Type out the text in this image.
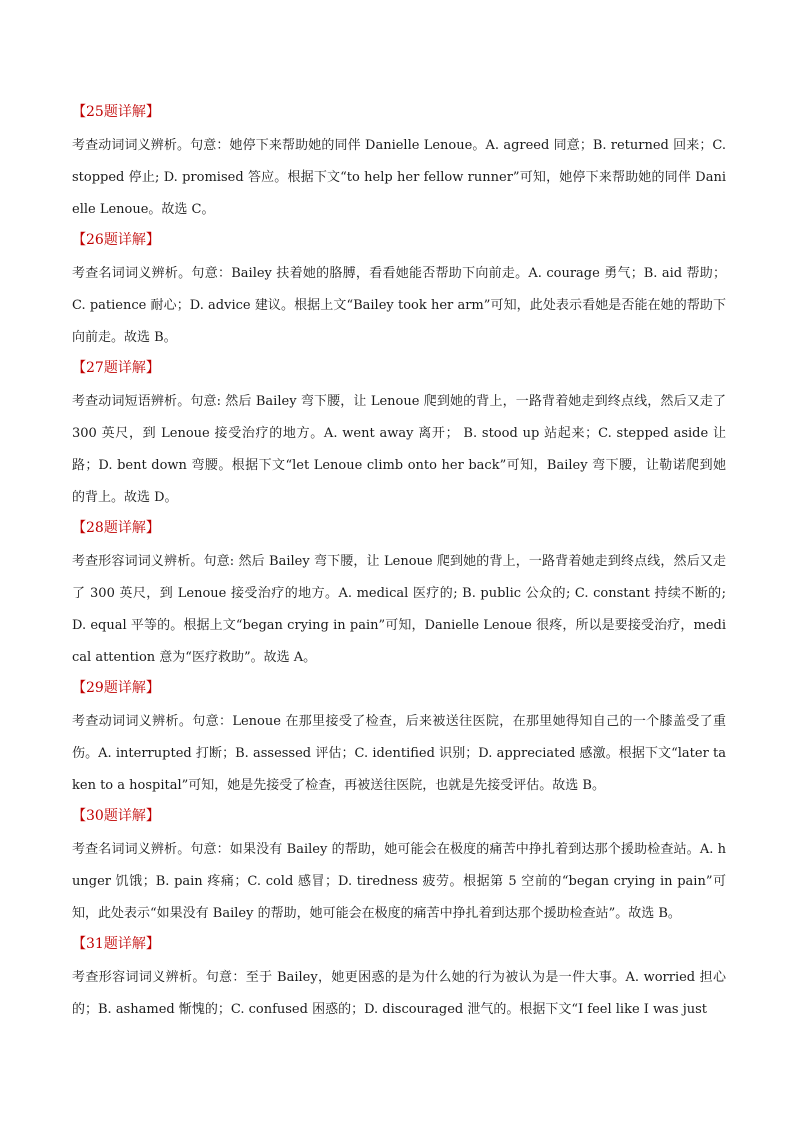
【25题详解】

考查动词词义辨析。句意：她停下来帮助她的同伴 Danielle Lenoue。A. agreed 同意；B. returned 回来；C. stopped 停止; D. promised 答应。根据下文“to help her fellow runner”可知，她停下来帮助她的同伴 Danielle Lenoue。故选 C。

【26题详解】

考查名词词义辨析。句意：Bailey 扶着她的胳膊，看看她能否帮助下向前走。A. courage 勇气；B. aid 帮助；C. patience 耐心；D. advice 建议。根据上文“Bailey took her arm”可知，此处表示看她是否能在她的帮助下向前走。故选 B。

【27题详解】

考查动词短语辨析。句意: 然后 Bailey 弯下腰，让 Lenoue 爬到她的背上，一路背着她走到终点线，然后又走了 300 英尺，到 Lenoue 接受治疗的地方。A. went away 离开； B. stood up 站起来；C. stepped aside 让路；D. bent down 弯腰。根据下文“let Lenoue climb onto her back”可知，Bailey 弯下腰，让勒诺爬到她的背上。故选 D。

【28题详解】

考查形容词词义辨析。句意: 然后 Bailey 弯下腰，让 Lenoue 爬到她的背上，一路背着她走到终点线，然后又走了 300 英尺，到 Lenoue 接受治疗的地方。A. medical 医疗的; B. public 公众的; C. constant 持续不断的; D. equal 平等的。根据上文“began crying in pain”可知，Danielle Lenoue 很疼，所以是要接受治疗，medical attention 意为“医疗救助”。故选 A。

【29题详解】

考查动词词义辨析。句意：Lenoue 在那里接受了检查，后来被送往医院，在那里她得知自己的一个膝盖受了重伤。A. interrupted 打断；B. assessed 评估；C. identified 识别；D. appreciated 感激。根据下文“later taken to a hospital”可知，她是先接受了检查，再被送往医院，也就是先接受评估。故选 B。

【30题详解】

考查名词词义辨析。句意：如果没有 Bailey 的帮助，她可能会在极度的痛苦中挣扎着到达那个援助检查站。A. hunger 饥饿；B. pain 疼痛；C. cold 感冒；D. tiredness 疲劳。根据第 5 空前的“began crying in pain”可知，此处表示“如果没有 Bailey 的帮助，她可能会在极度的痛苦中挣扎着到达那个援助检查站”。故选 B。

【31题详解】

考查形容词词义辨析。句意：至于 Bailey，她更困惑的是为什么她的行为被认为是一件大事。A. worried 担心的；B. ashamed 惭愧的；C. confused 困惑的；D. discouraged 泄气的。根据下文“I feel like I was just
